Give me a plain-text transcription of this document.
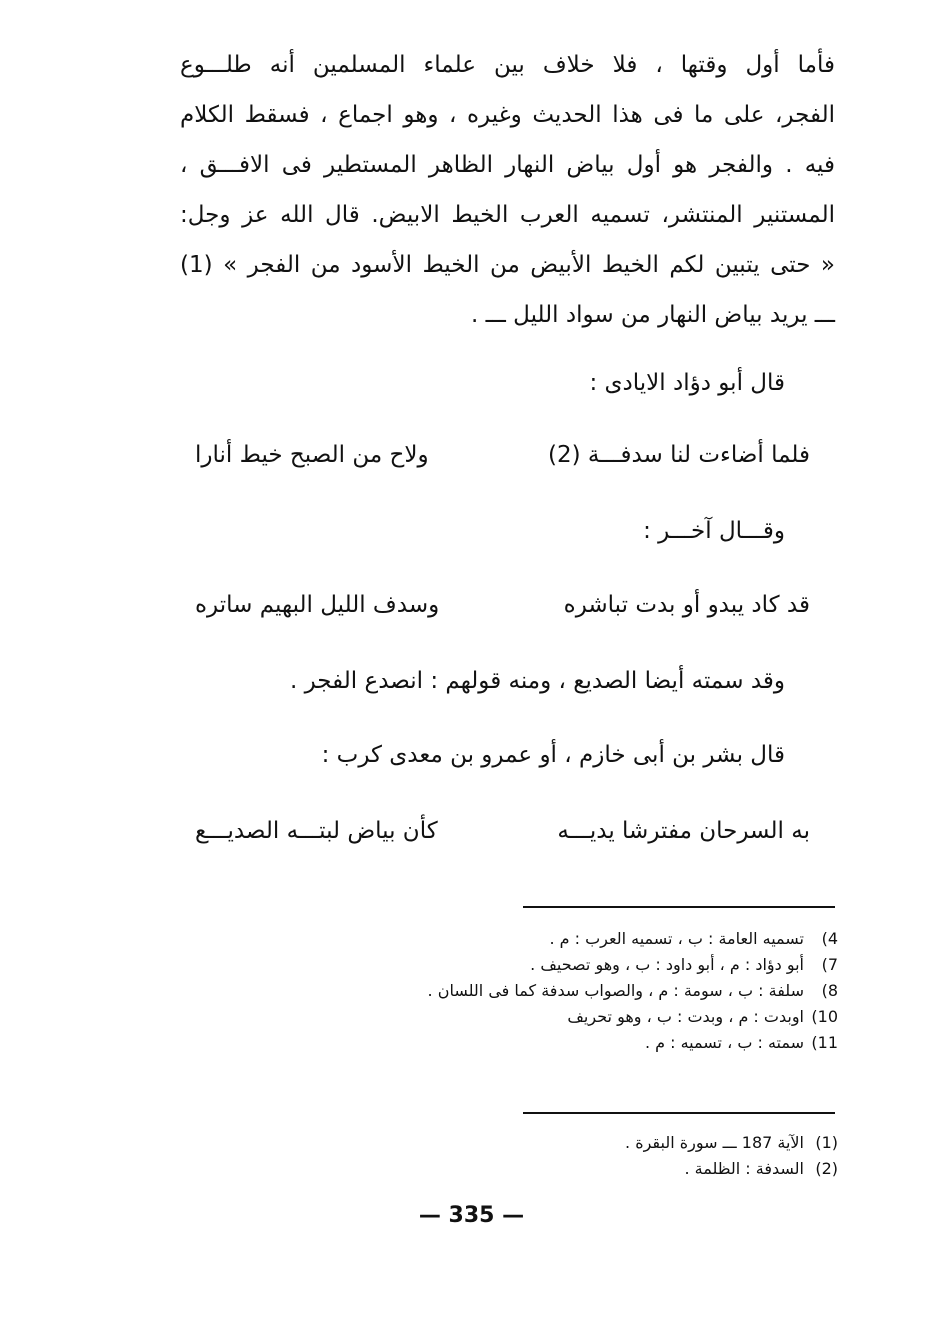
فأما أول وقتها ، فلا خلاف بين علماء المسلمين أنه طلـــوع
الفجر، على ما فى هذا الحديث وغيره ، وهو اجماع ، فسقط الكلام
فيه . والفجر هو أول بياض النهار الظاهر المستطير فى الافـــق ،
المستنير المنتشر، تسميه العرب الخيط الابيض. قال الله عز وجل:
« حتى يتبين لكم الخيط الأبيض من الخيط الأسود من الفجر » (1)
ـــ يريد بياض النهار من سواد الليل ـــ .
قال أبو دؤاد الايادى :
فلما أضاءت لنا سدفـــة (2)
ولاح من الصبح خيط أنارا
وقـــال آخـــر :
قد كاد يبدو أو بدت تباشره
وسدف الليل البهيم ساتره
وقد سمته أيضا الصديع ، ومنه قولهم : انصدع الفجر .
قال بشر بن أبى خازم ، أو عمرو بن معدى كرب :
به السرحان مفترشا يديـــه
كأن بياض لبتـــه الصديـــع
4)
تسميه العامة : ب ، تسميه العرب : م .
7)
أبو دؤاد : م ، أبو داود : ب ، وهو تصحيف .
8)
سلفة : ب ، سومة : م ، والصواب سدفة كما فى اللسان .
10)
اوبدت : م ، وبدت : ب ، وهو تحريف
11)
سمته : ب ، تسميه : م .
(1)
الآية 187 ـــ سورة البقرة .
(2)
السدفة : الظلمة .
— 335 —
